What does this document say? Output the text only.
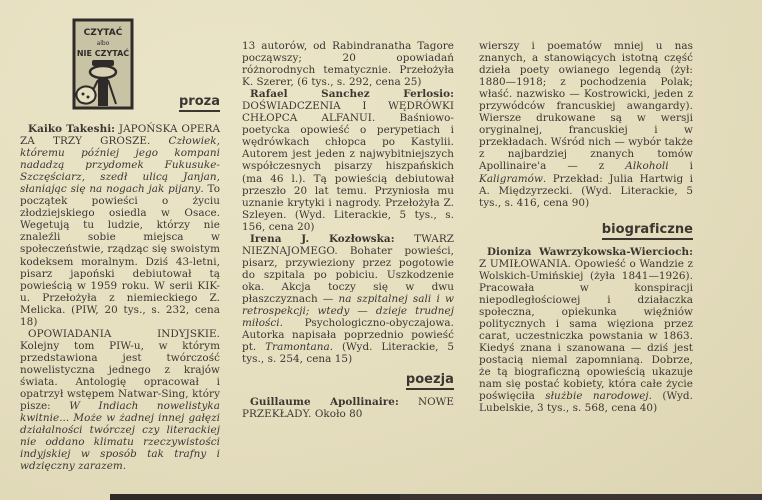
CZYTAĆ
albo
NIE CZYTAĆ
proza

Kaiko Takeshi: JAPOŃSKA OPERA ZA TRZY GROSZE. Człowiek, któremu później jego kompani nadadzą przydomek Fukusuke-Szczęściarz, szedł ulicą Janjan, słaniając się na nogach jak pijany. To początek powieści o życiu złodziejskiego osiedla w Osace. Wegetują tu ludzie, którzy nie znaleźli sobie miejsca w społeczeństwie, rządząc się swoistym kodeksem moralnym. Dziś 43-letni, pisarz japoński debiutował tą powieścią w 1959 roku. W serii KIK-u. Przełożyła z niemieckiego Z. Melicka. (PIW, 20 tys., s. 232, cena 18)

OPOWIADANIA INDYJSKIE. Kolejny tom PIW-u, w którym przedstawiona jest twórczość nowelistyczna jednego z krajów świata. Antologię opracował i opatrzył wstępem Natwar-Sing, który pisze: W Indiach nowelistyka kwitnie... Może w żadnej innej gałęzi działalności twórczej czy literackiej nie oddano klimatu rzeczywistości indyjskiej w sposób tak trafny i wdzięczny zarazem.

13 autorów, od Rabindranatha Tagore począwszy; 20 opowiadań różnorodnych tematycznie. Przełożyła K. Szerer, (6 tys., s. 292, cena 25)

Rafael Sanchez Ferlosio: DOŚWIADCZENIA I WĘDRÓWKI CHŁOPCA ALFANUI. Baśniowo-poetycka opowieść o perypetiach i wędrówkach chłopca po Kastylii. Autorem jest jeden z najwybitniejszych współczesnych pisarzy hiszpańskich (ma 46 l.). Tą powieścią debiutował przeszło 20 lat temu. Przyniosła mu uznanie krytyki i nagrody. Przełożyła Z. Szleyen. (Wyd. Literackie, 5 tys., s. 156, cena 20)

Irena J. Kozłowska: TWARZ NIEZNAJOMEGO. Bohater powieści, pisarz, przywieziony przez pogotowie do szpitala po pobiciu. Uszkodzenie oka. Akcja toczy się w dwu płaszczyznach — na szpitalnej sali i w retrospekcji; wtedy — dzieje trudnej miłości. Psychologiczno-obyczajowa. Autorka napisała poprzednio powieść pt. Tramontana. (Wyd. Literackie, 5 tys., s. 254, cena 15)

poezja

Guillaume Apollinaire: NOWE PRZEKŁADY. Około 80

wierszy i poematów mniej u nas znanych, a stanowiących istotną część dzieła poety owianego legendą (żył: 1880—1918; z pochodzenia Polak; właść. nazwisko — Kostrowicki, jeden z przywódców francuskiej awangardy). Wiersze drukowane są w wersji oryginalnej, francuskiej i w przekładach. Wśród nich — wybór także z najbardziej znanych tomów Apollinaire'a — z Alkoholi i Kaligramów. Przekład: Julia Hartwig i A. Międzyrzecki. (Wyd. Literackie, 5 tys., s. 416, cena 90)

biograficzne

Dioniza Wawrzykowska-Wiercioch: Z UMIŁOWANIA. Opowieść o Wandzie z Wolskich-Umińskiej (żyła 1841—1926). Pracowała w konspiracji niepodległościowej i działaczka społeczna, opiekunka więźniów politycznych i sama więziona przez carat, uczestniczka powstania w 1863. Kiedyś znana i szanowana — dziś jest postacią niemal zapomnianą. Dobrze, że tą biograficzną opowieścią ukazuje nam się postać kobiety, która całe życie poświęciła służbie narodowej. (Wyd. Lubelskie, 3 tys., s. 568, cena 40)
